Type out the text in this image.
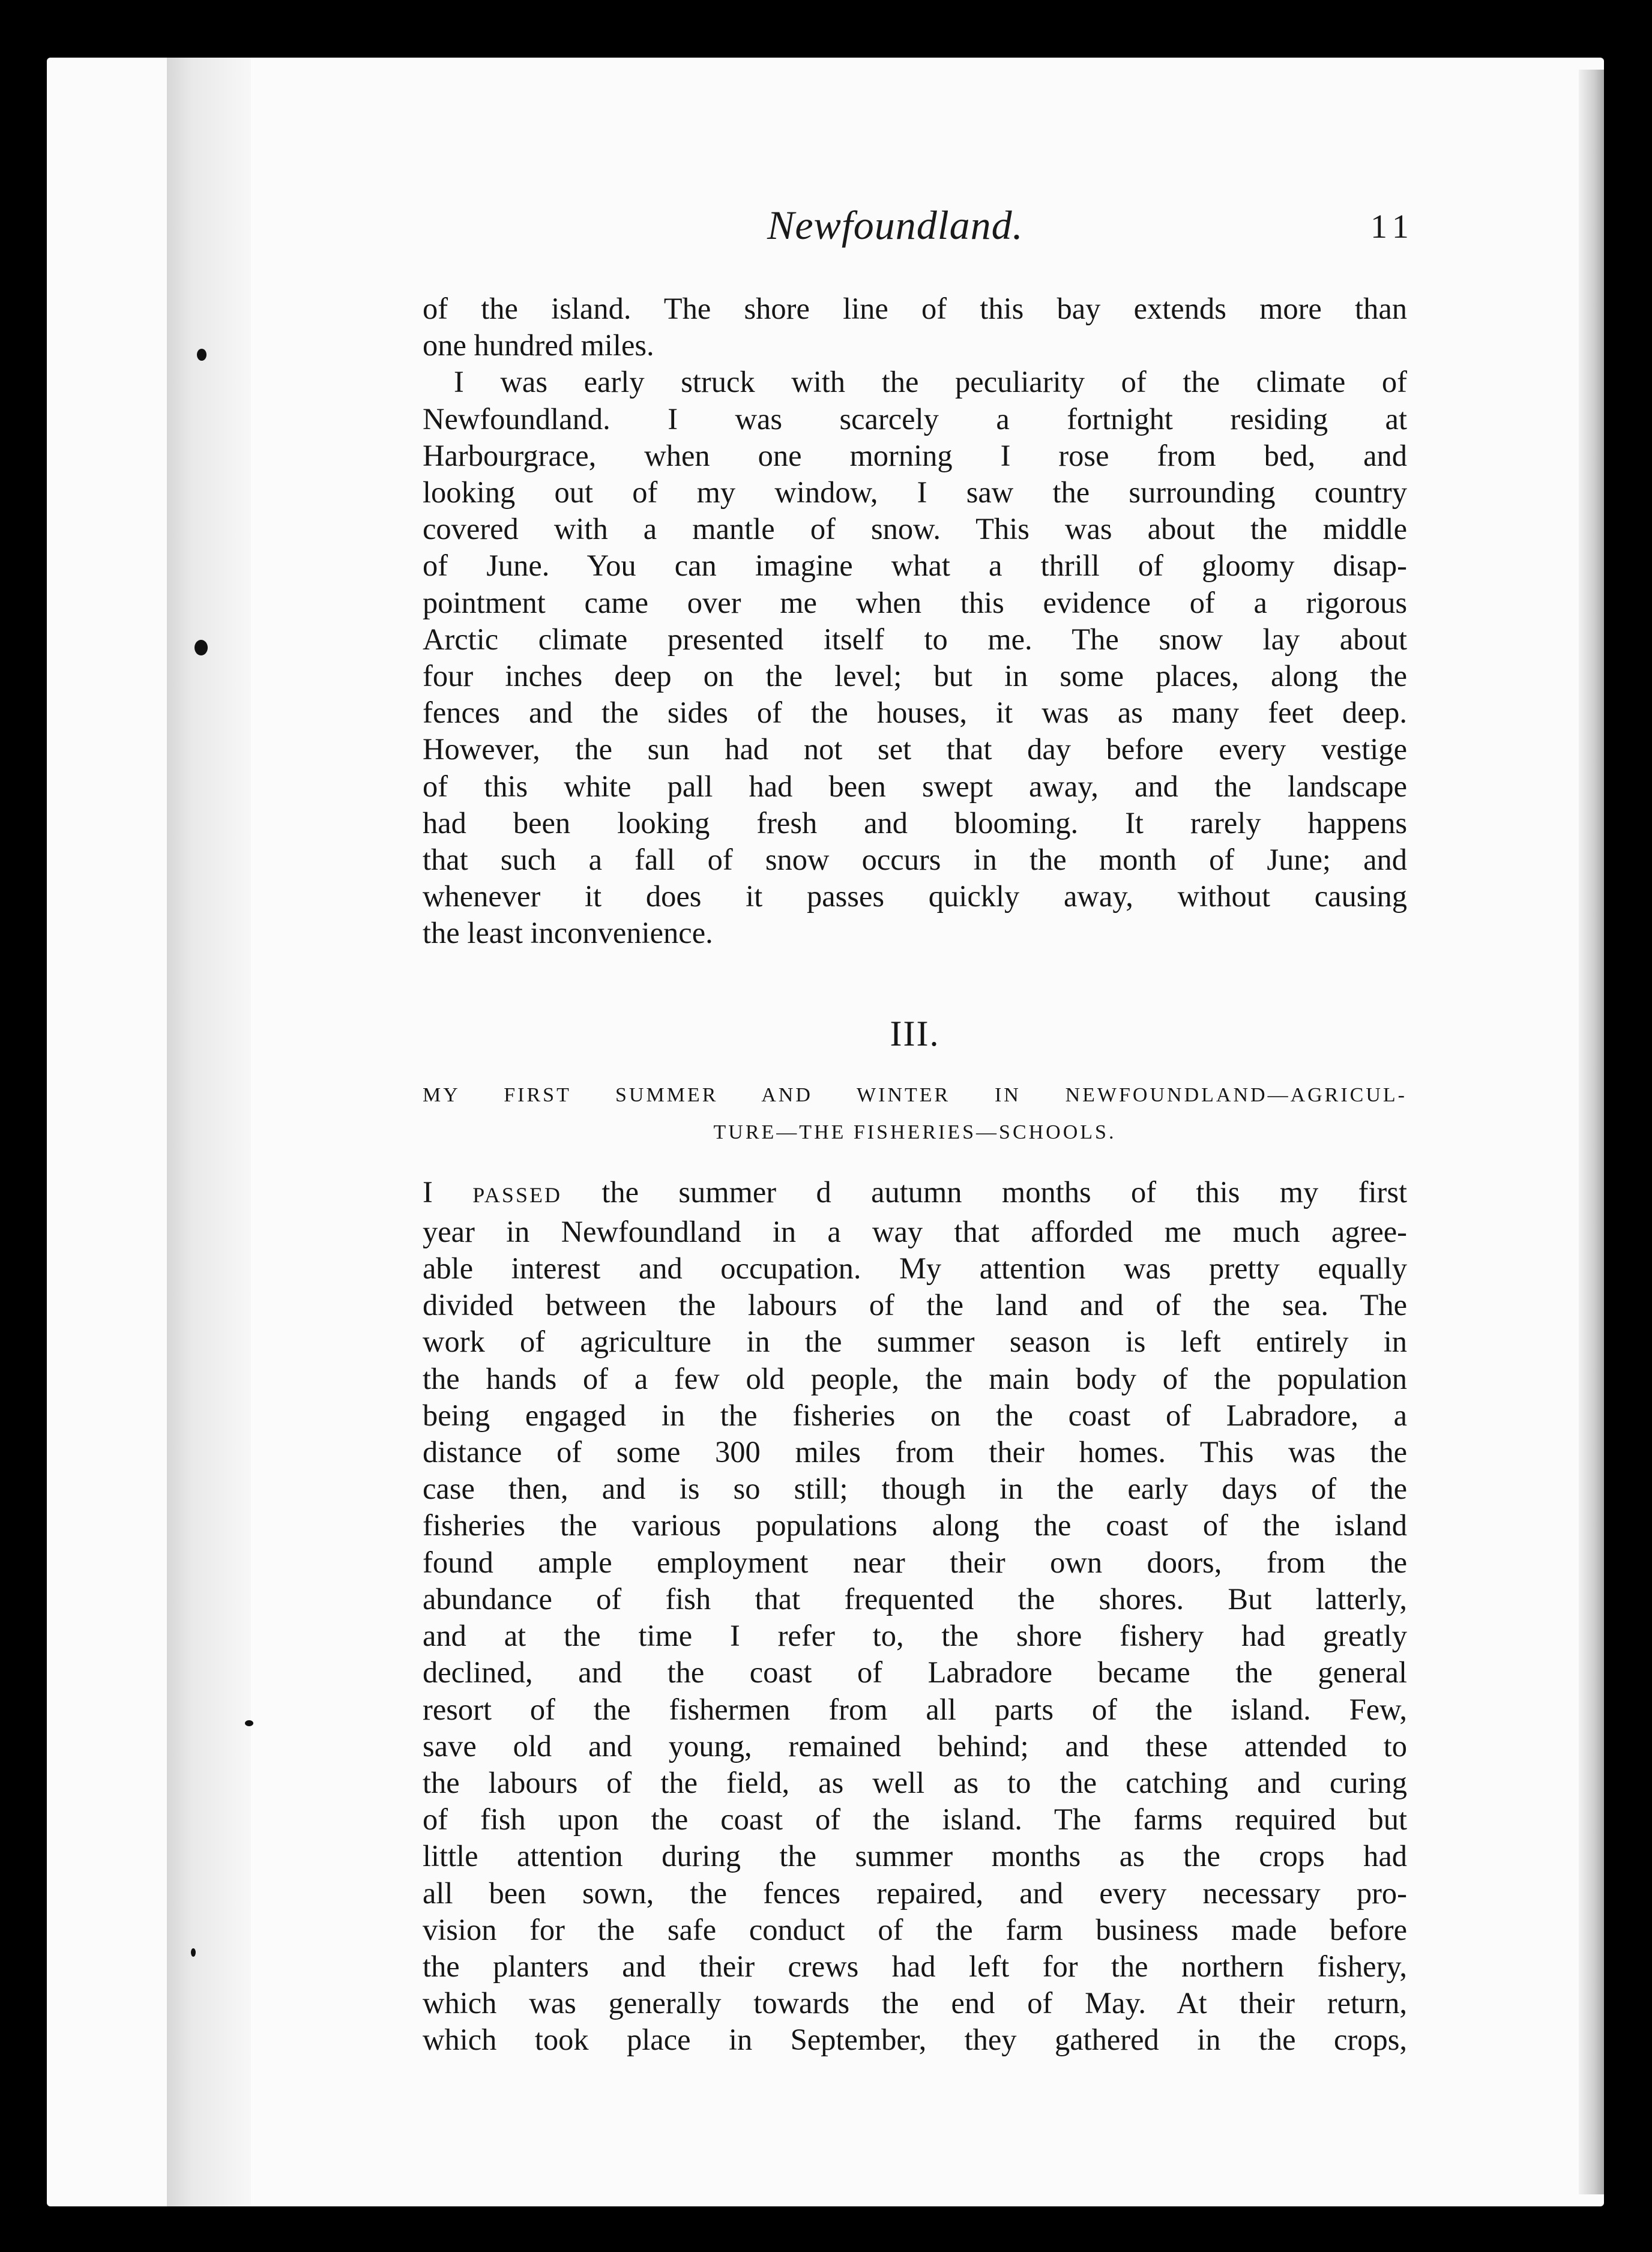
Newfoundland.	11

of the island. The shore line of this bay extends more than
one hundred miles.

I was early struck with the peculiarity of the climate of
Newfoundland. I was scarcely a fortnight residing at
Harbourgrace, when one morning I rose from bed, and
looking out of my window, I saw the surrounding country
covered with a mantle of snow. This was about the middle
of June. You can imagine what a thrill of gloomy disap-
pointment came over me when this evidence of a rigorous
Arctic climate presented itself to me. The snow lay about
four inches deep on the level; but in some places, along the
fences and the sides of the houses, it was as many feet deep.
However, the sun had not set that day before every vestige
of this white pall had been swept away, and the landscape
had been looking fresh and blooming. It rarely happens
that such a fall of snow occurs in the month of June; and
whenever it does it passes quickly away, without causing
the least inconvenience.

III.
MY FIRST SUMMER AND WINTER IN NEWFOUNDLAND—AGRICUL-
TURE—THE FISHERIES—SCHOOLS.

I PASSED the summer d autumn months of this my first
year in Newfoundland in a way that afforded me much agree-
able interest and occupation. My attention was pretty equally
divided between the labours of the land and of the sea. The
work of agriculture in the summer season is left entirely in
the hands of a few old people, the main body of the population
being engaged in the fisheries on the coast of Labradore, a
distance of some 300 miles from their homes. This was the
case then, and is so still; though in the early days of the
fisheries the various populations along the coast of the island
found ample employment near their own doors, from the
abundance of fish that frequented the shores. But latterly,
and at the time I refer to, the shore fishery had greatly
declined, and the coast of Labradore became the general
resort of the fishermen from all parts of the island. Few,
save old and young, remained behind; and these attended to
the labours of the field, as well as to the catching and curing
of fish upon the coast of the island. The farms required but
little attention during the summer months as the crops had
all been sown, the fences repaired, and every necessary pro-
vision for the safe conduct of the farm business made before
the planters and their crews had left for the northern fishery,
which was generally towards the end of May. At their return,
which took place in September, they gathered in the crops,
